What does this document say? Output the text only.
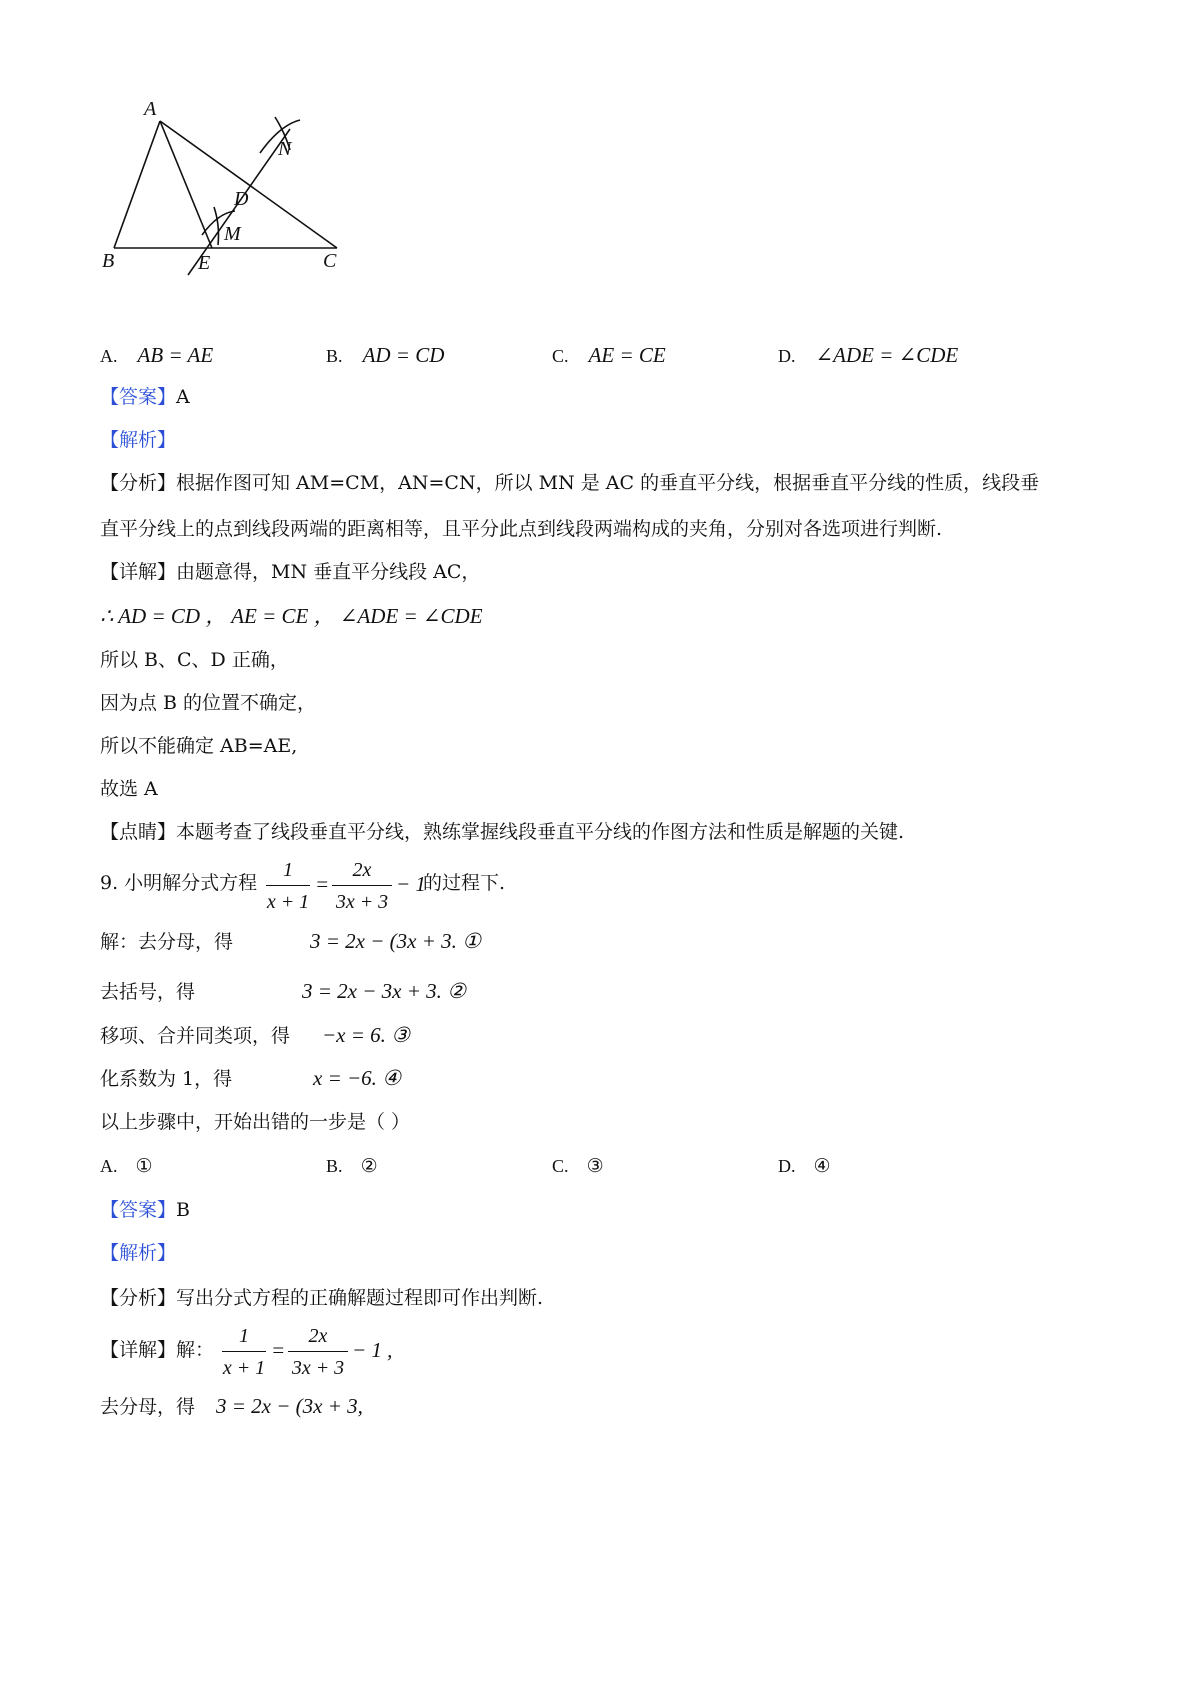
A
B	E	C
D
M
N
A. AB = AE	B. AD = CD	C. AE = CE	D. ∠ADE = ∠CDE
【答案】A
【解析】
【分析】根据作图可知 AM=CM，AN=CN，所以 MN 是 AC 的垂直平分线，根据垂直平分线的性质，线段垂
直平分线上的点到线段两端的距离相等，且平分此点到线段两端构成的夹角，分别对各选项进行判断.
【详解】由题意得，MN 垂直平分线段 AC，
∴ AD = CD ， AE = CE ， ∠ADE = ∠CDE
所以 B、C、D 正确，
因为点 B 的位置不确定，
所以不能确定 AB=AE,
故选 A
【点睛】本题考查了线段垂直平分线，熟练掌握线段垂直平分线的作图方法和性质是解题的关键.
9. 小明解分式方程
1
x + 1
=
2x
3x + 3
− 1
的过程下.
解：去分母，得	3 = 2x − (3x + 3. ①
去括号，得	3 = 2x − 3x + 3. ②
移项、合并同类项，得 −x = 6. ③
化系数为 1，得	x = −6. ④
以上步骤中，开始出错的一步是（ ）
A. ①	B. ②	C. ③	D. ④
【答案】B
【解析】
【分析】写出分式方程的正确解题过程即可作出判断.
【详解】解：
1
x + 1
=
2x
3x + 3
− 1 ,
去分母，得 3 = 2x − (3x + 3,
